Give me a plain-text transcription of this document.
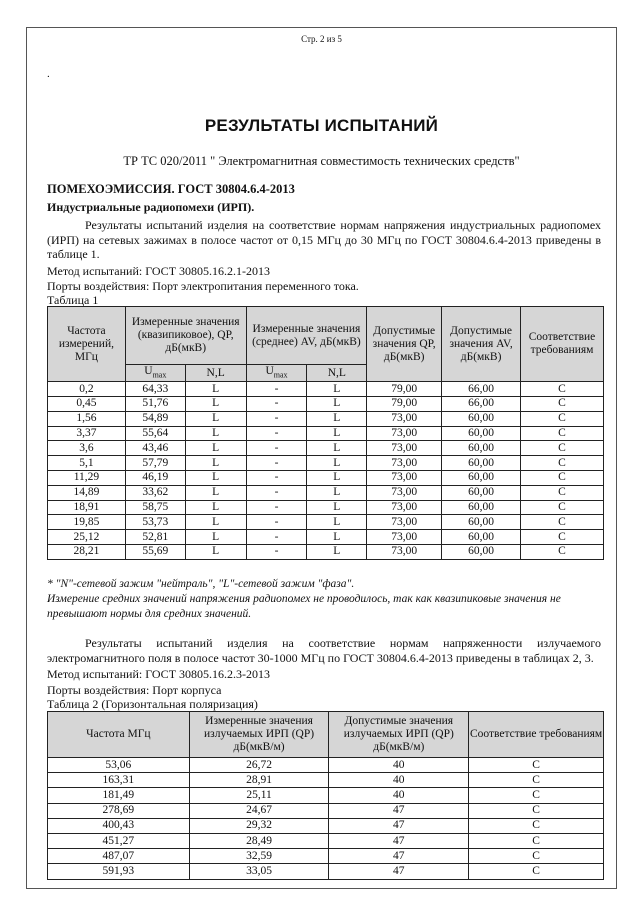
Стр. 2 из 5

.

РЕЗУЛЬТАТЫ ИСПЫТАНИЙ

ТР ТС 020/2011 " Электромагнитная совместимость технических средств"

ПОМЕХОЭМИССИЯ. ГОСТ 30804.6.4-2013

Индустриальные радиопомехи (ИРП).

Результаты испытаний изделия на соответствие нормам напряжения индустриальных радиопомех (ИРП) на сетевых зажимах в полосе частот от 0,15 МГц до 30 МГц по ГОСТ 30804.6.4-2013 приведены в таблице 1.

Метод испытаний: ГОСТ 30805.16.2.1-2013

Порты воздействия: Порт электропитания переменного тока.

Таблица 1

Частота измерений, МГц	Измеренные значения (квазипиковое), QP, дБ(мкВ)		Измеренные значения (среднее) AV, дБ(мкВ)		Допустимые значения QP, дБ(мкВ)	Допустимые значения AV, дБ(мкВ)	Соответствие требованиям
	$U_{max}$	N,L	$U_{max}$	N,L			
0,2	64,33	L	-	L	79,00	66,00	С
0,45	51,76	L	-	L	79,00	66,00	С
1,56	54,89	L	-	L	73,00	60,00	С
3,37	55,64	L	-	L	73,00	60,00	С
3,6	43,46	L	-	L	73,00	60,00	С
5,1	57,79	L	-	L	73,00	60,00	С
11,29	46,19	L	-	L	73,00	60,00	С
14,89	33,62	L	-	L	73,00	60,00	С
18,91	58,75	L	-	L	73,00	60,00	С
19,85	53,73	L	-	L	73,00	60,00	С
25,12	52,81	L	-	L	73,00	60,00	С
28,21	55,69	L	-	L	73,00	60,00	С

* "N"-сетевой зажим "нейтраль", "L"-сетевой зажим "фаза".

Измерение средних значений напряжения радиопомех не проводилось, так как квазипиковые значения не превышают нормы для средних значений.

Результаты испытаний изделия на соответствие нормам напряженности излучаемого электромагнитного поля в полосе частот 30-1000 МГц по ГОСТ 30804.6.4-2013 приведены в таблицах 2, 3.

Метод испытаний: ГОСТ 30805.16.2.3-2013

Порты воздействия: Порт корпуса

Таблица 2 (Горизонтальная поляризация)

Частота МГц	Измеренные значения излучаемых ИРП (QP) дБ(мкВ/м)	Допустимые значения излучаемых ИРП (QP) дБ(мкВ/м)	Соответствие требованиям
53,06	26,72	40	С
163,31	28,91	40	С
181,49	25,11	40	С
278,69	24,67	47	С
400,43	29,32	47	С
451,27	28,49	47	С
487,07	32,59	47	С
591,93	33,05	47	С
